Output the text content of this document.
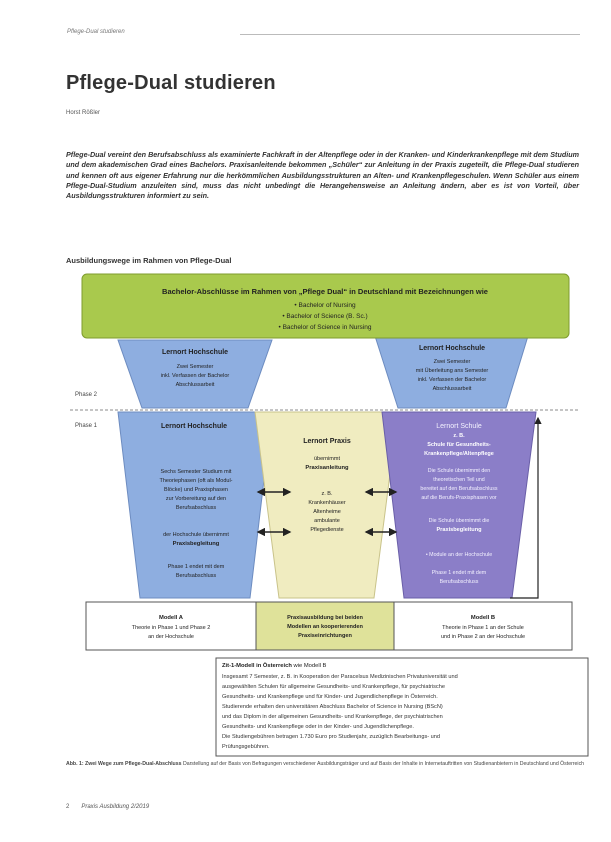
Pflege-Dual studieren
Pflege-Dual studieren
Horst Rößler
Pflege-Dual vereint den Berufsabschluss als examinierte Fachkraft in der Altenpflege oder in der Kranken- und Kinderkrankenpflege mit dem Studium und dem akademischen Grad eines Bachelors. Praxisanleitende bekommen „Schüler“ zur Anleitung in der Praxis zugeteilt, die Pflege-Dual studieren und kennen oft aus eigener Erfahrung nur die herkömmlichen Ausbildungsstrukturen an Alten- und Krankenpflegeschulen. Wenn Schüler aus einem Pflege-Dual-Studium anzuleiten sind, muss das nicht unbedingt die Herangehensweise an Anleitung ändern, aber es ist von Vorteil, über Ausbildungsstrukturen informiert zu sein.
Ausbildungswege im Rahmen von Pflege-Dual
Phase 2
Phase 1
Lernort Hochschule
Zwei Semester
inkl. Verfassen der Bachelor
Abschlussarbeit
Lernort Hochschule
Zwei Semester
mit Überleitung ans Semester
inkl. Verfassen der Bachelor
Abschlussarbeit
Bachelor-Abschlüsse im Rahmen von „Pflege Dual“ in Deutschland mit Bezeichnungen wie
• Bachelor of Nursing
• Bachelor of Science (B. Sc.)
• Bachelor of Science in Nursing
Lernort Hochschule
Sechs Semester Studium mit
Theoriephasen (oft als Modul-
Blöcke) und Praxisphasen
zur Vorbereitung auf den
Berufsabschluss
der Hochschule übernimmt
Praxisbegleitung
Phase 1 endet mit dem
Berufsabschluss
Lernort Praxis
übernimmt
Praxisanleitung
z. B.
Krankenhäuser
Altenheime
ambulante
Pflegedienste
Lernort Schule
z. B.
Schule für Gesundheits-
Krankenpflege/Altenpflege
Die Schule übernimmt den
theoretischen Teil und
bereitet auf den Berufsabschluss
auf die Berufs-Praxisphasen vor
Die Schule übernimmt die
Praxisbegleitung
• Module an der Hochschule
Phase 1 endet mit dem
Berufsabschluss
Modell A
Theorie in Phase 1 und Phase 2
an der Hochschule
Praxisausbildung bei beiden
Modellen an kooperierenden
Praxiseinrichtungen
Modell B
Theorie in Phase 1 an der Schule
und in Phase 2 an der Hochschule
Zit-1-Modell in Österreich wie Modell B
Insgesamt 7 Semester, z. B. in Kooperation der Paracelsus Medizinischen Privatuniversität und
ausgewählten Schulen für allgemeine Gesundheits- und Krankenpflege, für psychiatrische
Gesundheits- und Krankenpflege und für Kinder- und Jugendlichenpflege in Österreich.
Studierende erhalten den universitären Abschluss Bachelor of Science in Nursing (BScN)
und das Diplom in der allgemeinen Gesundheits- und Krankenpflege, der psychiatrischen
Gesundheits- und Krankenpflege oder in der Kinder- und Jugendlichenpflege.
Die Studiengebühren betragen 1.730 Euro pro Studienjahr, zuzüglich Bearbeitungs- und
Prüfungsgebühren.
Abb. 1: Zwei Wege zum Pflege-Dual-Abschluss Darstellung auf der Basis von Befragungen verschiedener Ausbildungsträger und auf Basis der Inhalte in Internetauftritten von Studienanbietern in Deutschland und Österreich
2 Praxis Ausbildung 2/2019
